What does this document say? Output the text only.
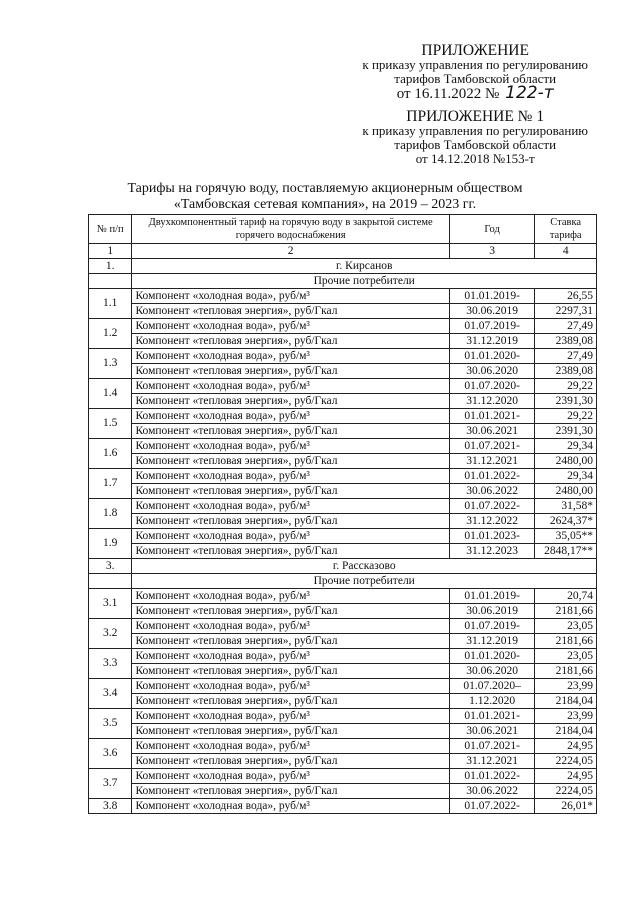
ПРИЛОЖЕНИЕ
к приказу управления по регулированию
тарифов Тамбовской области
от 16.11.2022 № 122-т
ПРИЛОЖЕНИЕ № 1
к приказу управления по регулированию
тарифов Тамбовской области
от 14.12.2018 №153-т
Тарифы на горячую воду, поставляемую акционерным обществом
«Тамбовская сетевая компания», на 2019 – 2023 гг.
№ п/п	Двухкомпонентный тариф на горячую воду в закрытой системе горячего водоснабжения	Год	Ставка тарифа
1	2	3	4
1.	г. Кирсанов		
	Прочие потребители		
1.1	Компонент «холодная вода», руб/м³	01.01.2019-	26,55
	Компонент «тепловая энергия», руб/Гкал	30.06.2019	2297,31
1.2	Компонент «холодная вода», руб/м³	01.07.2019-	27,49
	Компонент «тепловая энергия», руб/Гкал	31.12.2019	2389,08
1.3	Компонент «холодная вода», руб/м³	01.01.2020-	27,49
	Компонент «тепловая энергия», руб/Гкал	30.06.2020	2389,08
1.4	Компонент «холодная вода», руб/м³	01.07.2020-	29,22
	Компонент «тепловая энергия», руб/Гкал	31.12.2020	2391,30
1.5	Компонент «холодная вода», руб/м³	01.01.2021-	29,22
	Компонент «тепловая энергия», руб/Гкал	30.06.2021	2391,30
1.6	Компонент «холодная вода», руб/м³	01.07.2021-	29,34
	Компонент «тепловая энергия», руб/Гкал	31.12.2021	2480,00
1.7	Компонент «холодная вода», руб/м³	01.01.2022-	29,34
	Компонент «тепловая энергия», руб/Гкал	30.06.2022	2480,00
1.8	Компонент «холодная вода», руб/м³	01.07.2022-	31,58*
	Компонент «тепловая энергия», руб/Гкал	31.12.2022	2624,37*
1.9	Компонент «холодная вода», руб/м³	01.01.2023-	35,05**
	Компонент «тепловая энергия», руб/Гкал	31.12.2023	2848,17**
3.	г. Рассказово		
	Прочие потребители		
3.1	Компонент «холодная вода», руб/м³	01.01.2019-	20,74
	Компонент «тепловая энергия», руб/Гкал	30.06.2019	2181,66
3.2	Компонент «холодная вода», руб/м³	01.07.2019-	23,05
	Компонент «тепловая энергия», руб/Гкал	31.12.2019	2181,66
3.3	Компонент «холодная вода», руб/м³	01.01.2020-	23,05
	Компонент «тепловая энергия», руб/Гкал	30.06.2020	2181,66
3.4	Компонент «холодная вода», руб/м³	01.07.2020–	23,99
	Компонент «тепловая энергия», руб/Гкал	1.12.2020	2184,04
3.5	Компонент «холодная вода», руб/м³	01.01.2021-	23,99
	Компонент «тепловая энергия», руб/Гкал	30.06.2021	2184,04
3.6	Компонент «холодная вода», руб/м³	01.07.2021-	24,95
	Компонент «тепловая энергия», руб/Гкал	31.12.2021	2224,05
3.7	Компонент «холодная вода», руб/м³	01.01.2022-	24,95
	Компонент «тепловая энергия», руб/Гкал	30.06.2022	2224,05
3.8	Компонент «холодная вода», руб/м³	01.07.2022-	26,01*
